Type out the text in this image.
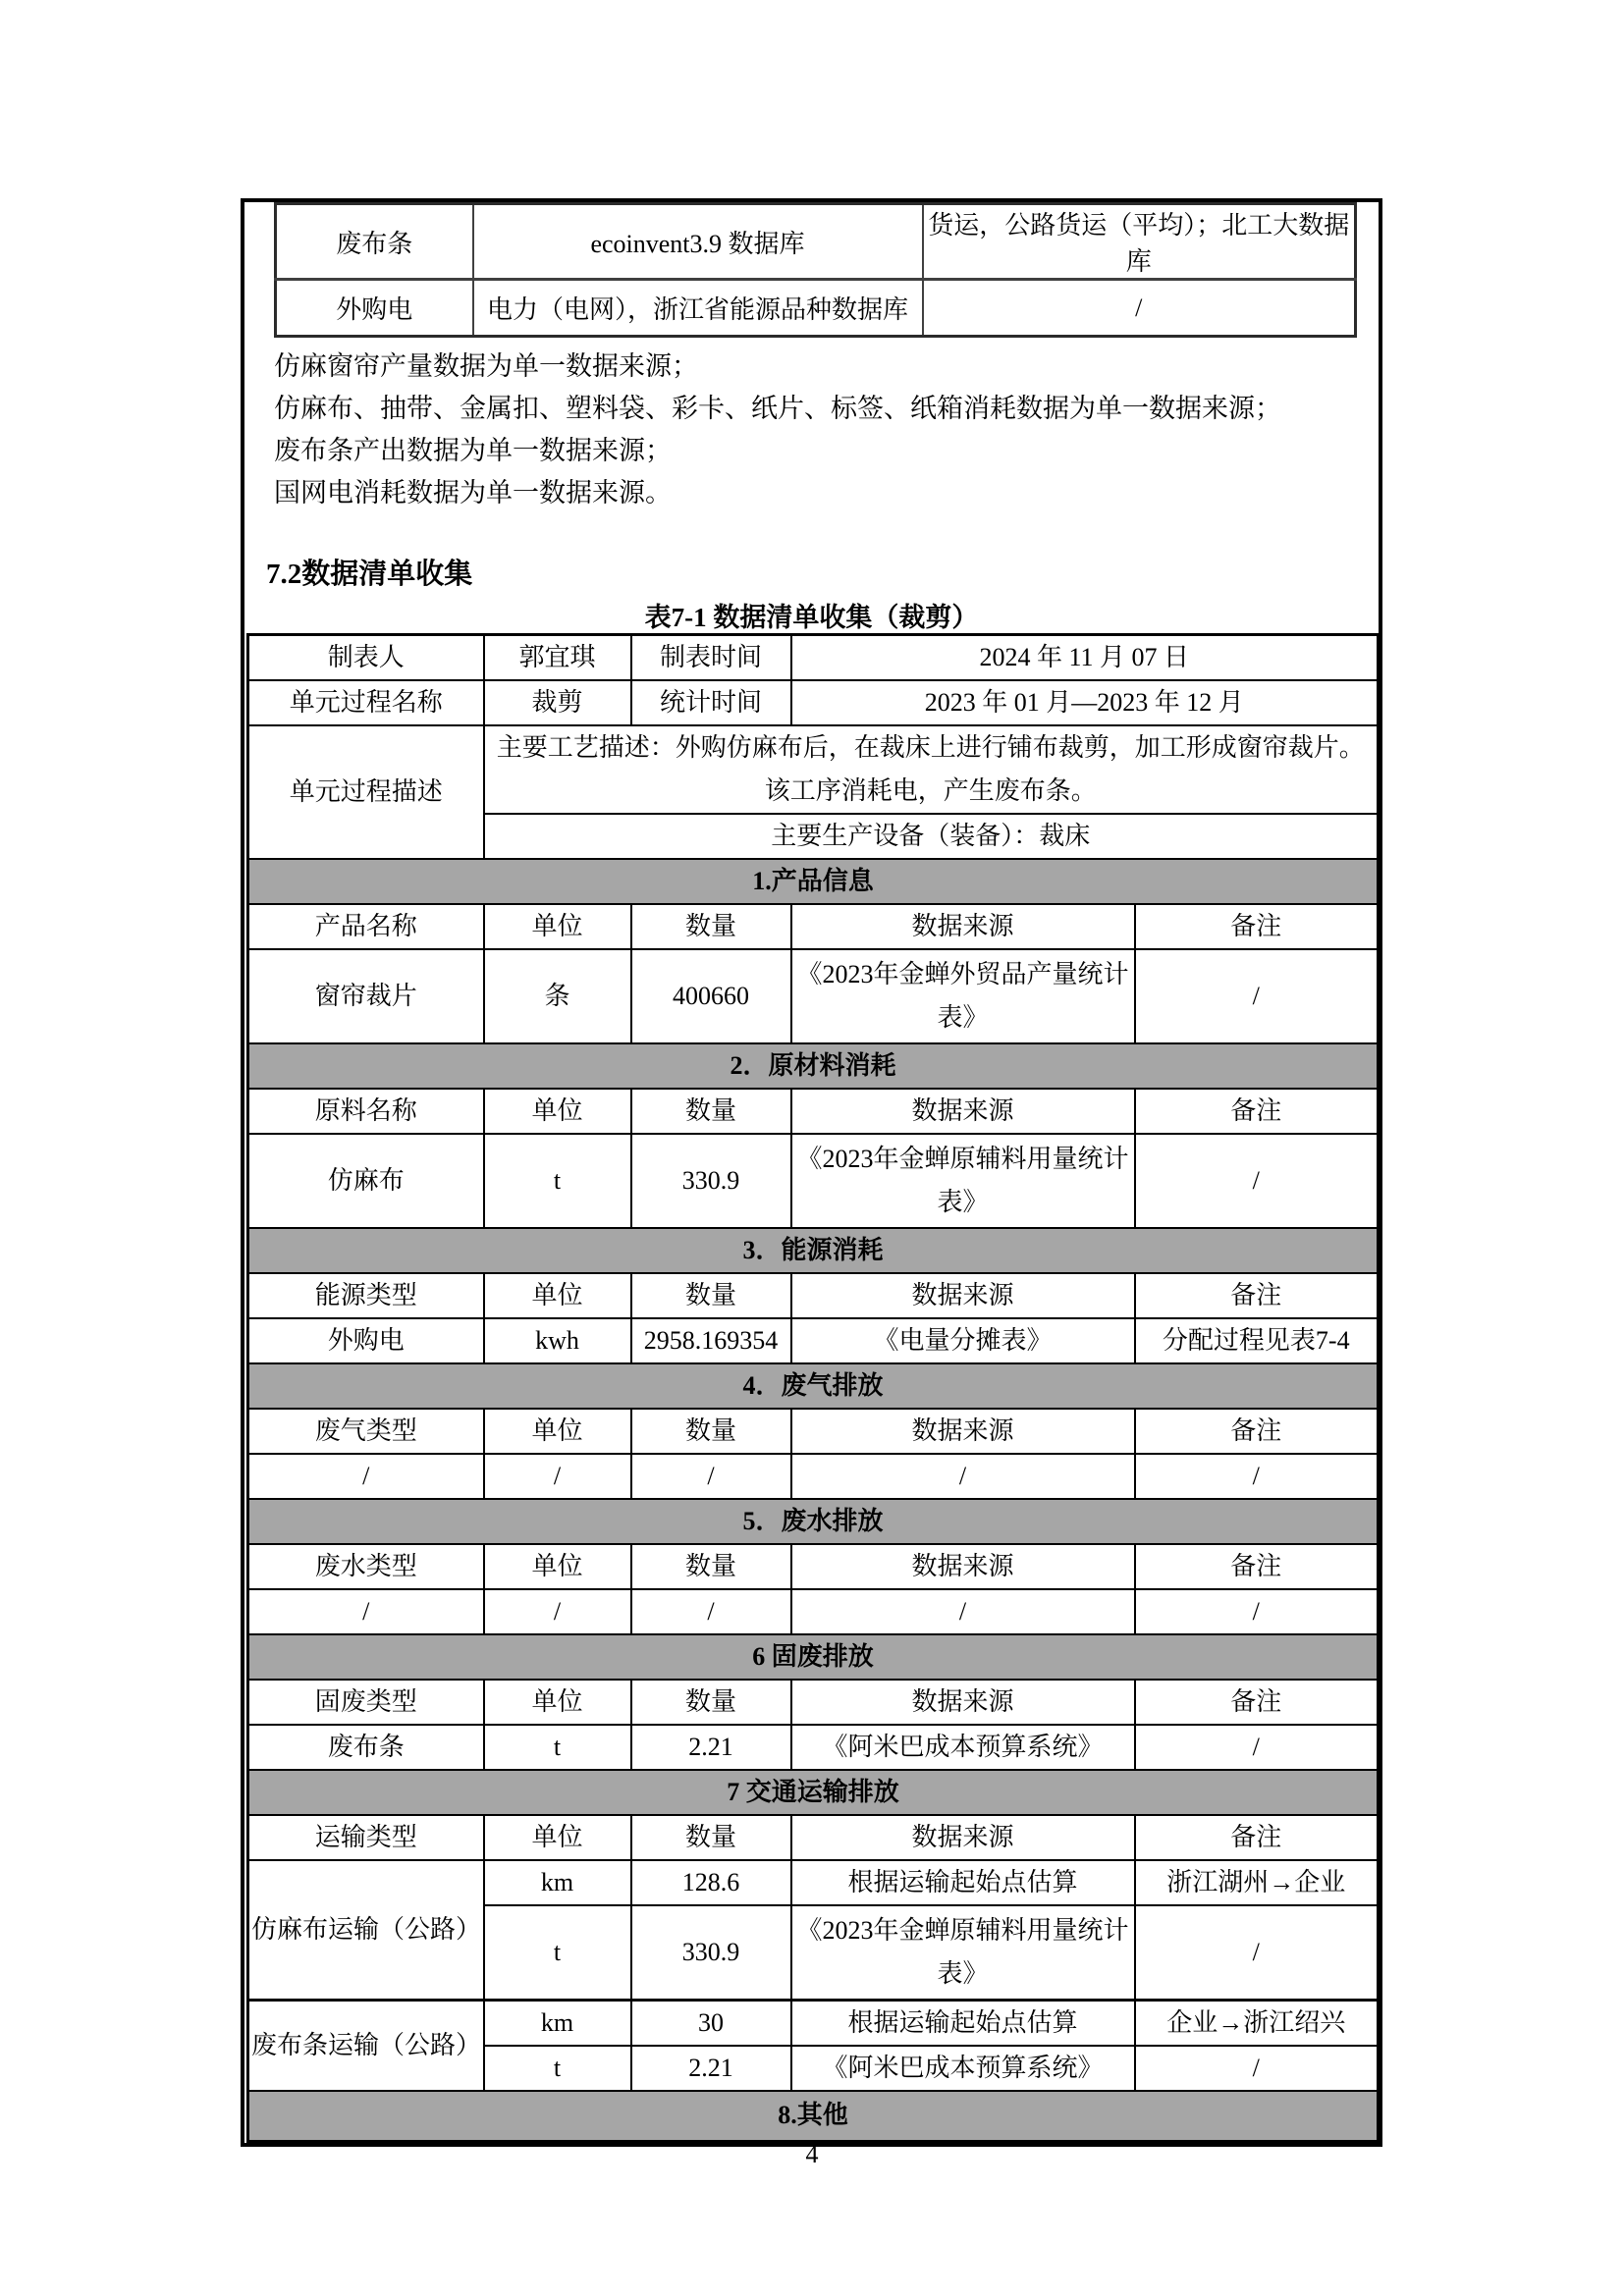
废布条	ecoinvent3.9 数据库	货运，公路货运（平均）；北工大数据库
外购电	电力（电网），浙江省能源品种数据库	/

仿麻窗帘产量数据为单一数据来源；

仿麻布、抽带、金属扣、塑料袋、彩卡、纸片、标签、纸箱消耗数据为单一数据来源；

废布条产出数据为单一数据来源；

国网电消耗数据为单一数据来源。

7.2数据清单收集
表7-1 数据清单收集（裁剪）
制表人	郭宜琪	制表时间	2024 年 11 月 07 日	
单元过程名称	裁剪	统计时间	2023 年 01 月—2023 年 12 月	
单元过程描述	主要工艺描述：外购仿麻布后，在裁床上进行铺布裁剪，加工形成窗帘裁片。该工序消耗电，产生废布条。			
	主要生产设备（装备）：裁床			
1.产品信息				
产品名称	单位	数量	数据来源	备注
窗帘裁片	条	400660	《2023年金蝉外贸品产量统计表》	/
2．原材料消耗				
原料名称	单位	数量	数据来源	备注
仿麻布	t	330.9	《2023年金蝉原辅料用量统计表》	/
3．能源消耗				
能源类型	单位	数量	数据来源	备注
外购电	kwh	2958.169354	《电量分摊表》	分配过程见表7-4
4．废气排放				
废气类型	单位	数量	数据来源	备注
/	/	/	/	/
5．废水排放				
废水类型	单位	数量	数据来源	备注
/	/	/	/	/
6 固废排放				
固废类型	单位	数量	数据来源	备注
废布条	t	2.21	《阿米巴成本预算系统》	/
7 交通运输排放				
运输类型	单位	数量	数据来源	备注
仿麻布运输（公路）	km	128.6	根据运输起始点估算	浙江湖州→企业
	t	330.9	《2023年金蝉原辅料用量统计表》	/
废布条运输（公路）	km	30	根据运输起始点估算	企业→浙江绍兴
	t	2.21	《阿米巴成本预算系统》	/
8.其他				
4
